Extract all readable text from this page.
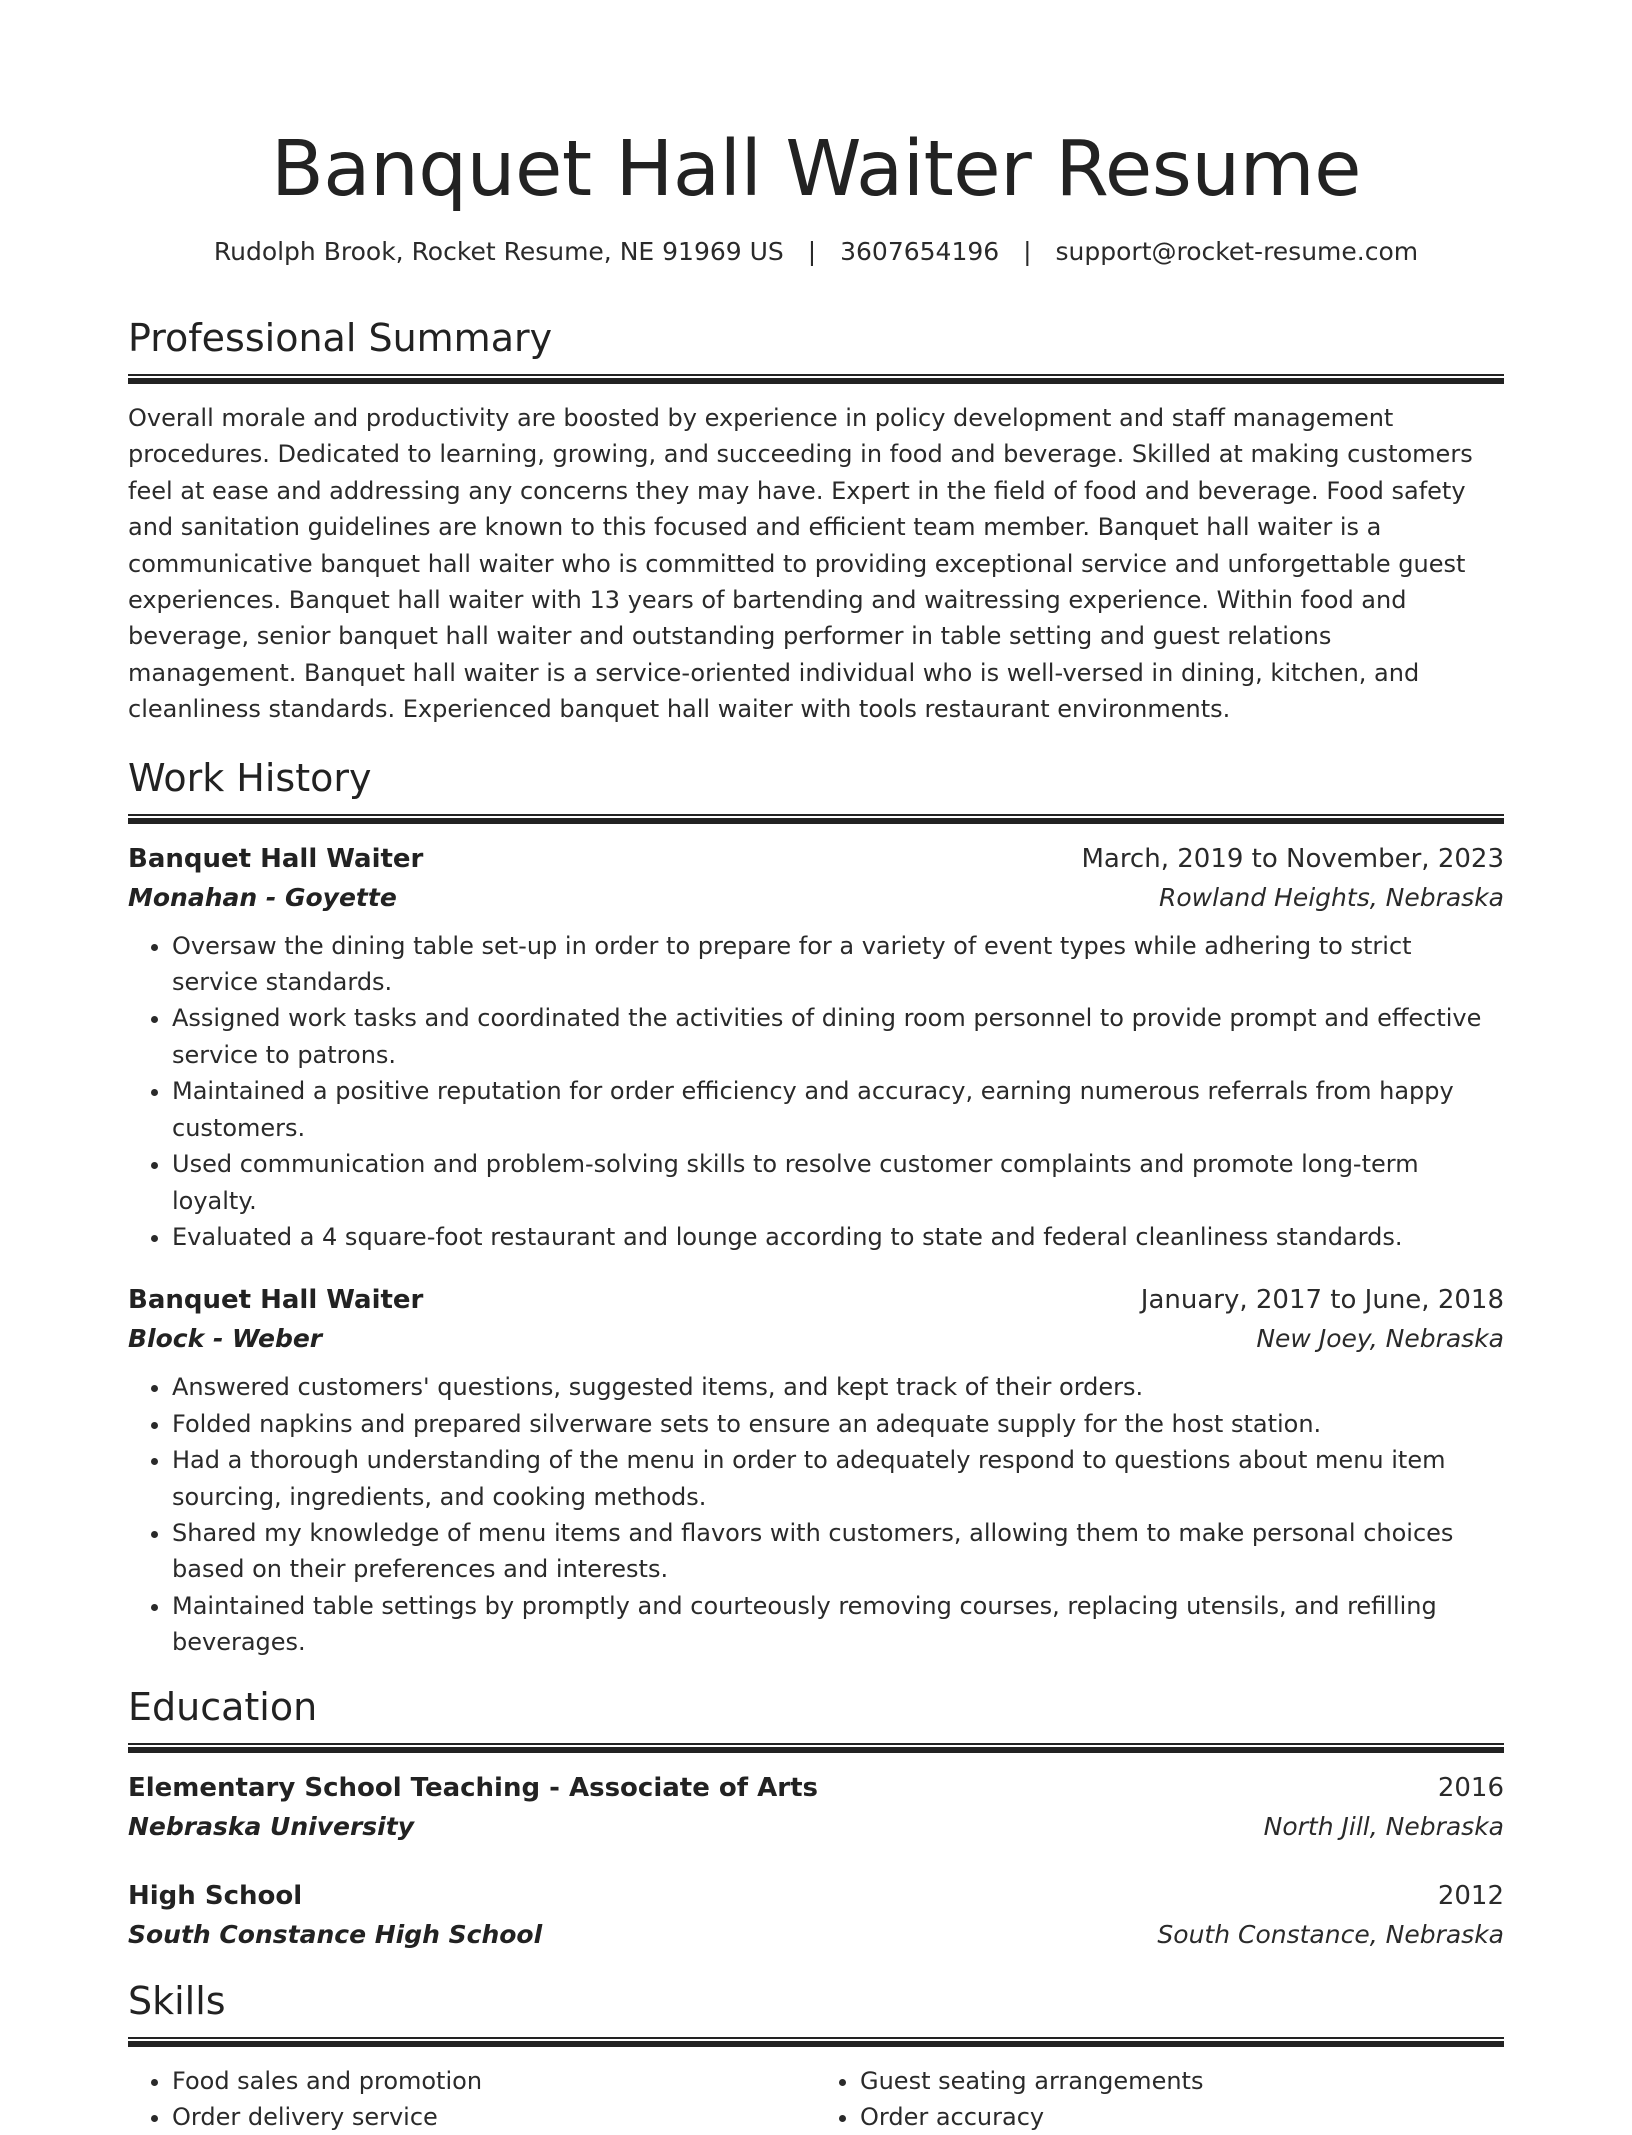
Banquet Hall Waiter Resume
Rudolph Brook, Rocket Resume, NE 91969 US | 3607654196 | support@rocket-resume.com
Professional Summary

Overall morale and productivity are boosted by experience in policy development and staff management procedures. Dedicated to learning, growing, and succeeding in food and beverage. Skilled at making customers feel at ease and addressing any concerns they may have. Expert in the field of food and beverage. Food safety and sanitation guidelines are known to this focused and efficient team member. Banquet hall waiter is a communicative banquet hall waiter who is committed to providing exceptional service and unforgettable guest experiences. Banquet hall waiter with 13 years of bartending and waitressing experience. Within food and beverage, senior banquet hall waiter and outstanding performer in table setting and guest relations management. Banquet hall waiter is a service-oriented individual who is well-versed in dining, kitchen, and cleanliness standards. Experienced banquet hall waiter with tools restaurant environments.

Work History
Banquet Hall Waiter	March, 2019 to November, 2023
Monahan - Goyette	Rowland Heights, Nebraska
• Oversaw the dining table set-up in order to prepare for a variety of event types while adhering to strict service standards.
• Assigned work tasks and coordinated the activities of dining room personnel to provide prompt and effective service to patrons.
• Maintained a positive reputation for order efficiency and accuracy, earning numerous referrals from happy customers.
• Used communication and problem-solving skills to resolve customer complaints and promote long-term loyalty.
• Evaluated a 4 square-foot restaurant and lounge according to state and federal cleanliness standards.
Banquet Hall Waiter	January, 2017 to June, 2018
Block - Weber	New Joey, Nebraska
• Answered customers' questions, suggested items, and kept track of their orders.
• Folded napkins and prepared silverware sets to ensure an adequate supply for the host station.
• Had a thorough understanding of the menu in order to adequately respond to questions about menu item sourcing, ingredients, and cooking methods.
• Shared my knowledge of menu items and flavors with customers, allowing them to make personal choices based on their preferences and interests.
• Maintained table settings by promptly and courteously removing courses, replacing utensils, and refilling beverages.
Education
Elementary School Teaching - Associate of Arts	2016
Nebraska University	North Jill, Nebraska
High School	2012
South Constance High School	South Constance, Nebraska
Skills
• Food sales and promotion
• Order delivery service
• Guest seating arrangements
• Order accuracy
